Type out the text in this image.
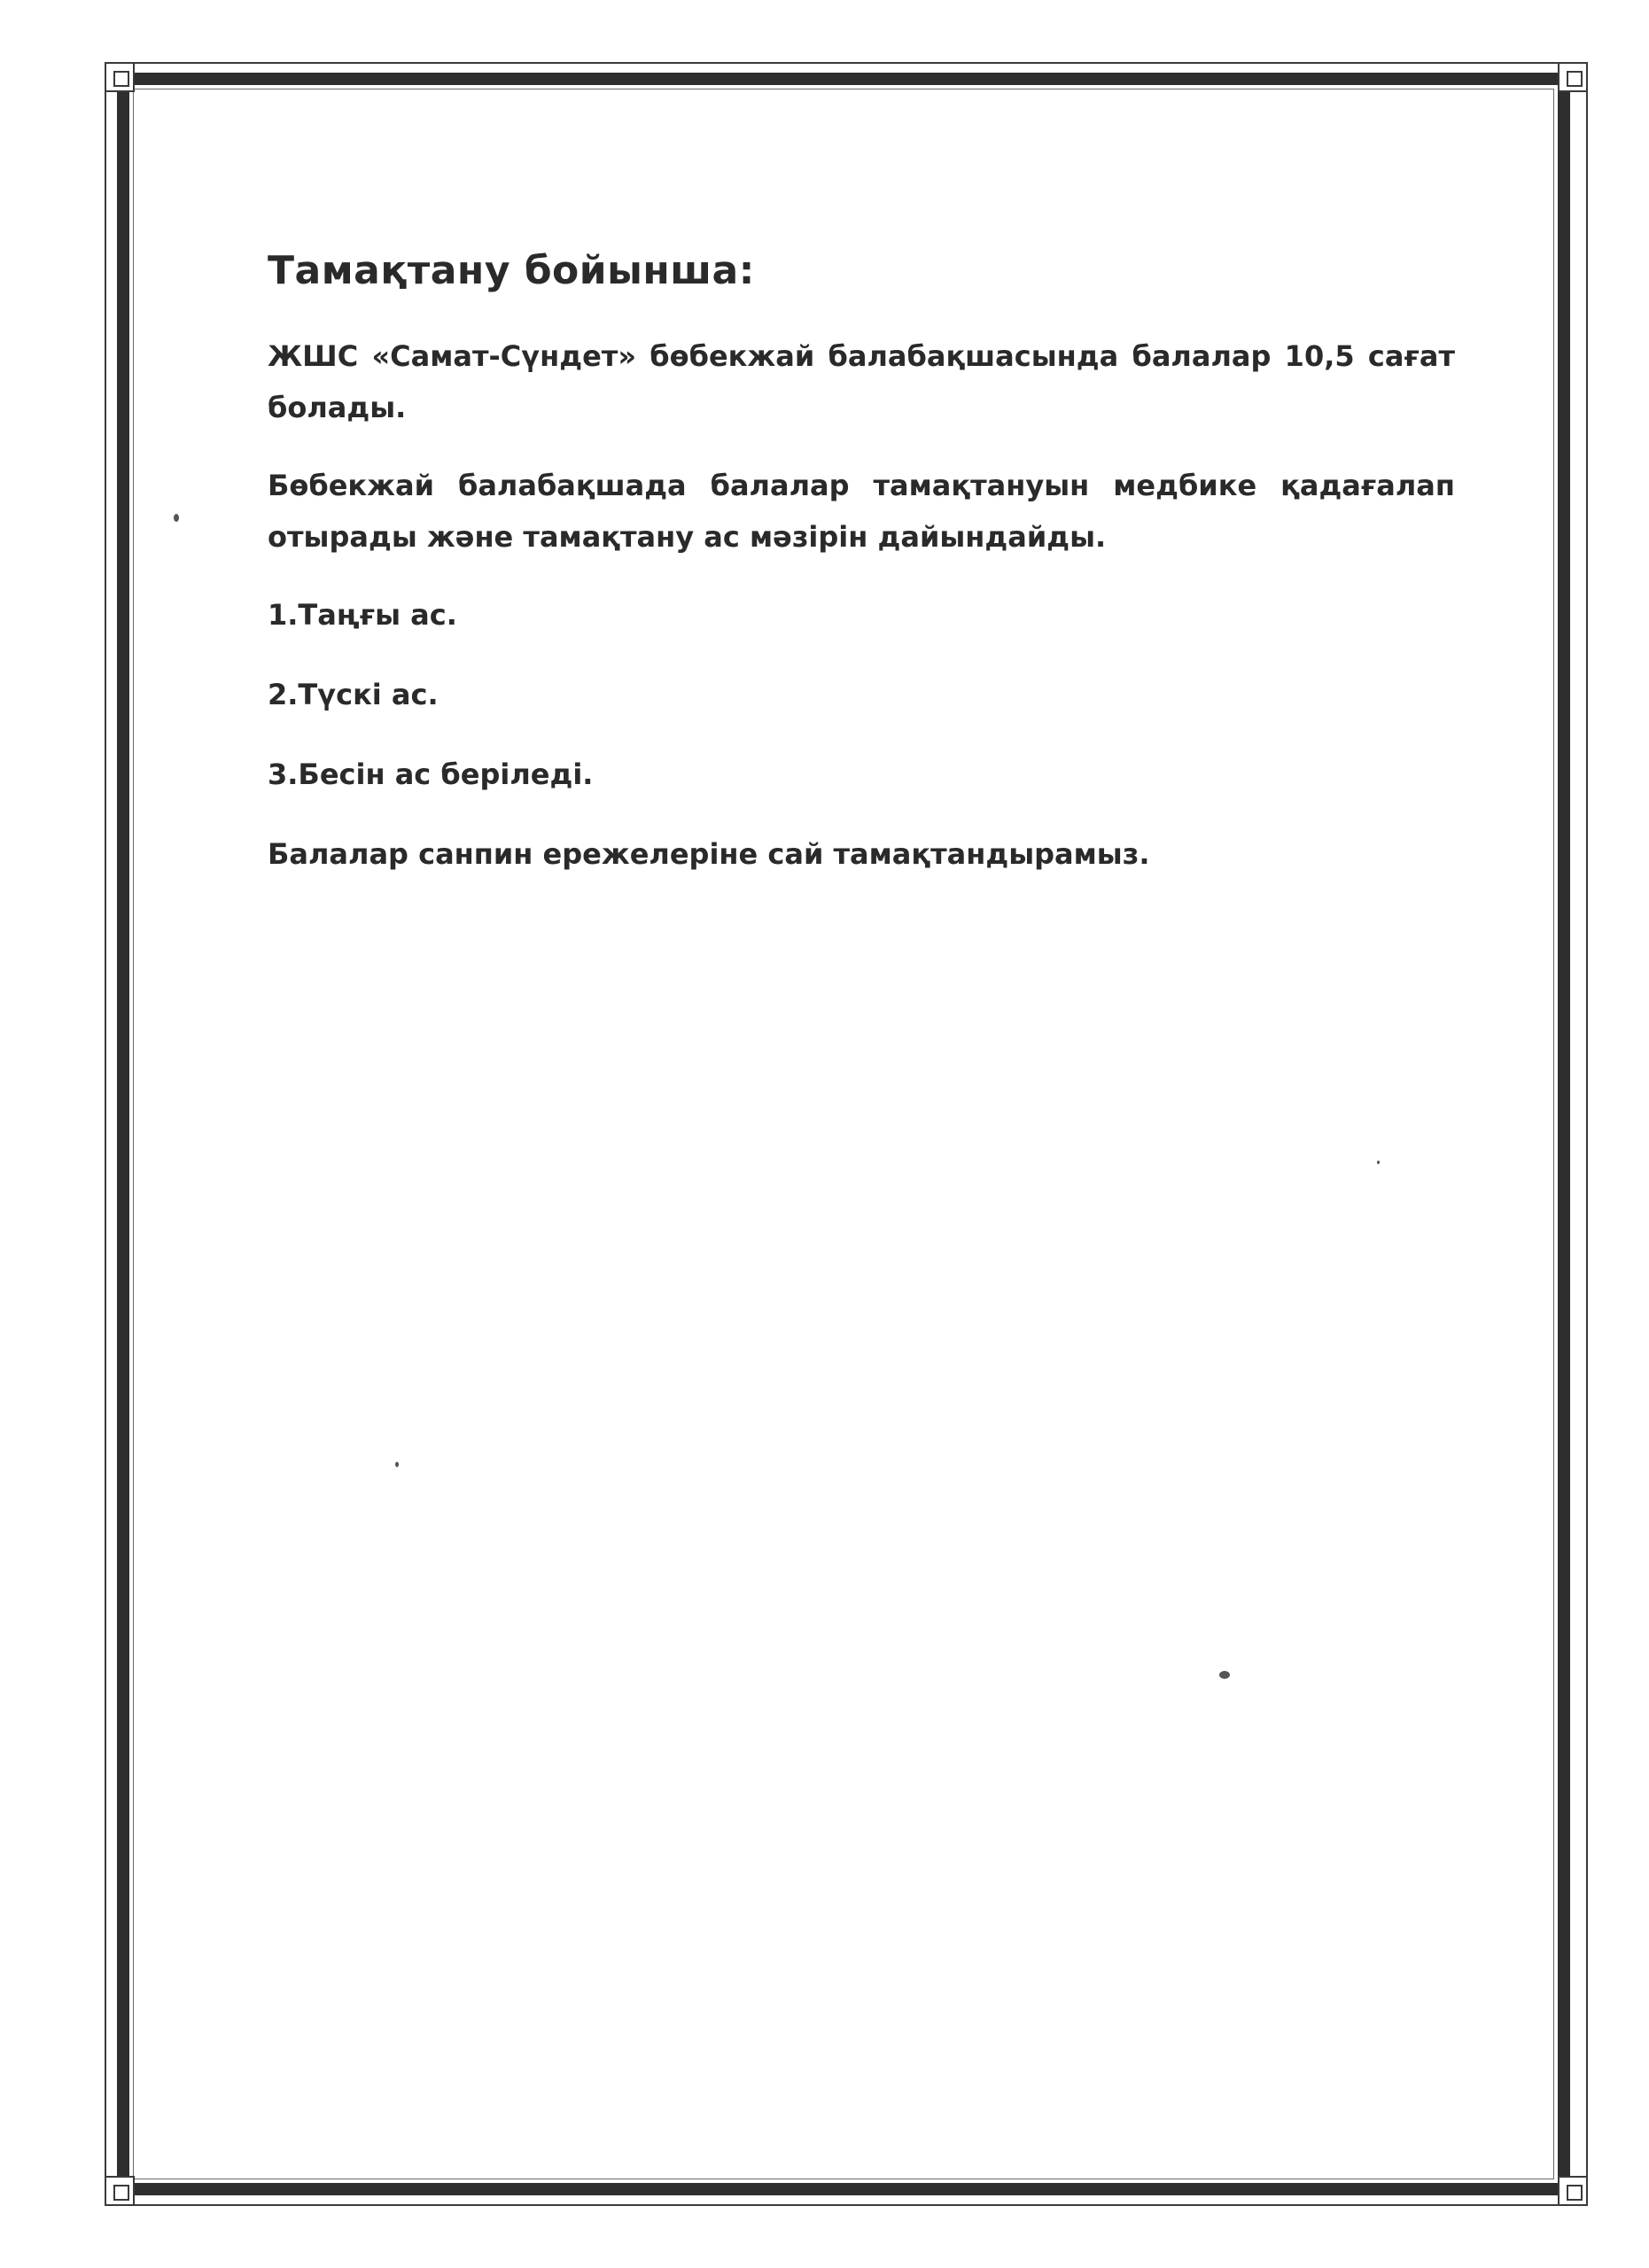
Тамақтану бойынша:

ЖШС «Самат-Сүндет» бөбекжай балабақшасында балалар 10,5 сағат болады.

Бөбекжай балабақшада балалар тамақтануын медбике қадағалап отырады және тамақтану ас мәзірін дайындайды.

1.Таңғы ас.
2.Түскі ас.
3.Бесін ас беріледі.

Балалар санпин ережелеріне сай тамақтандырамыз.
